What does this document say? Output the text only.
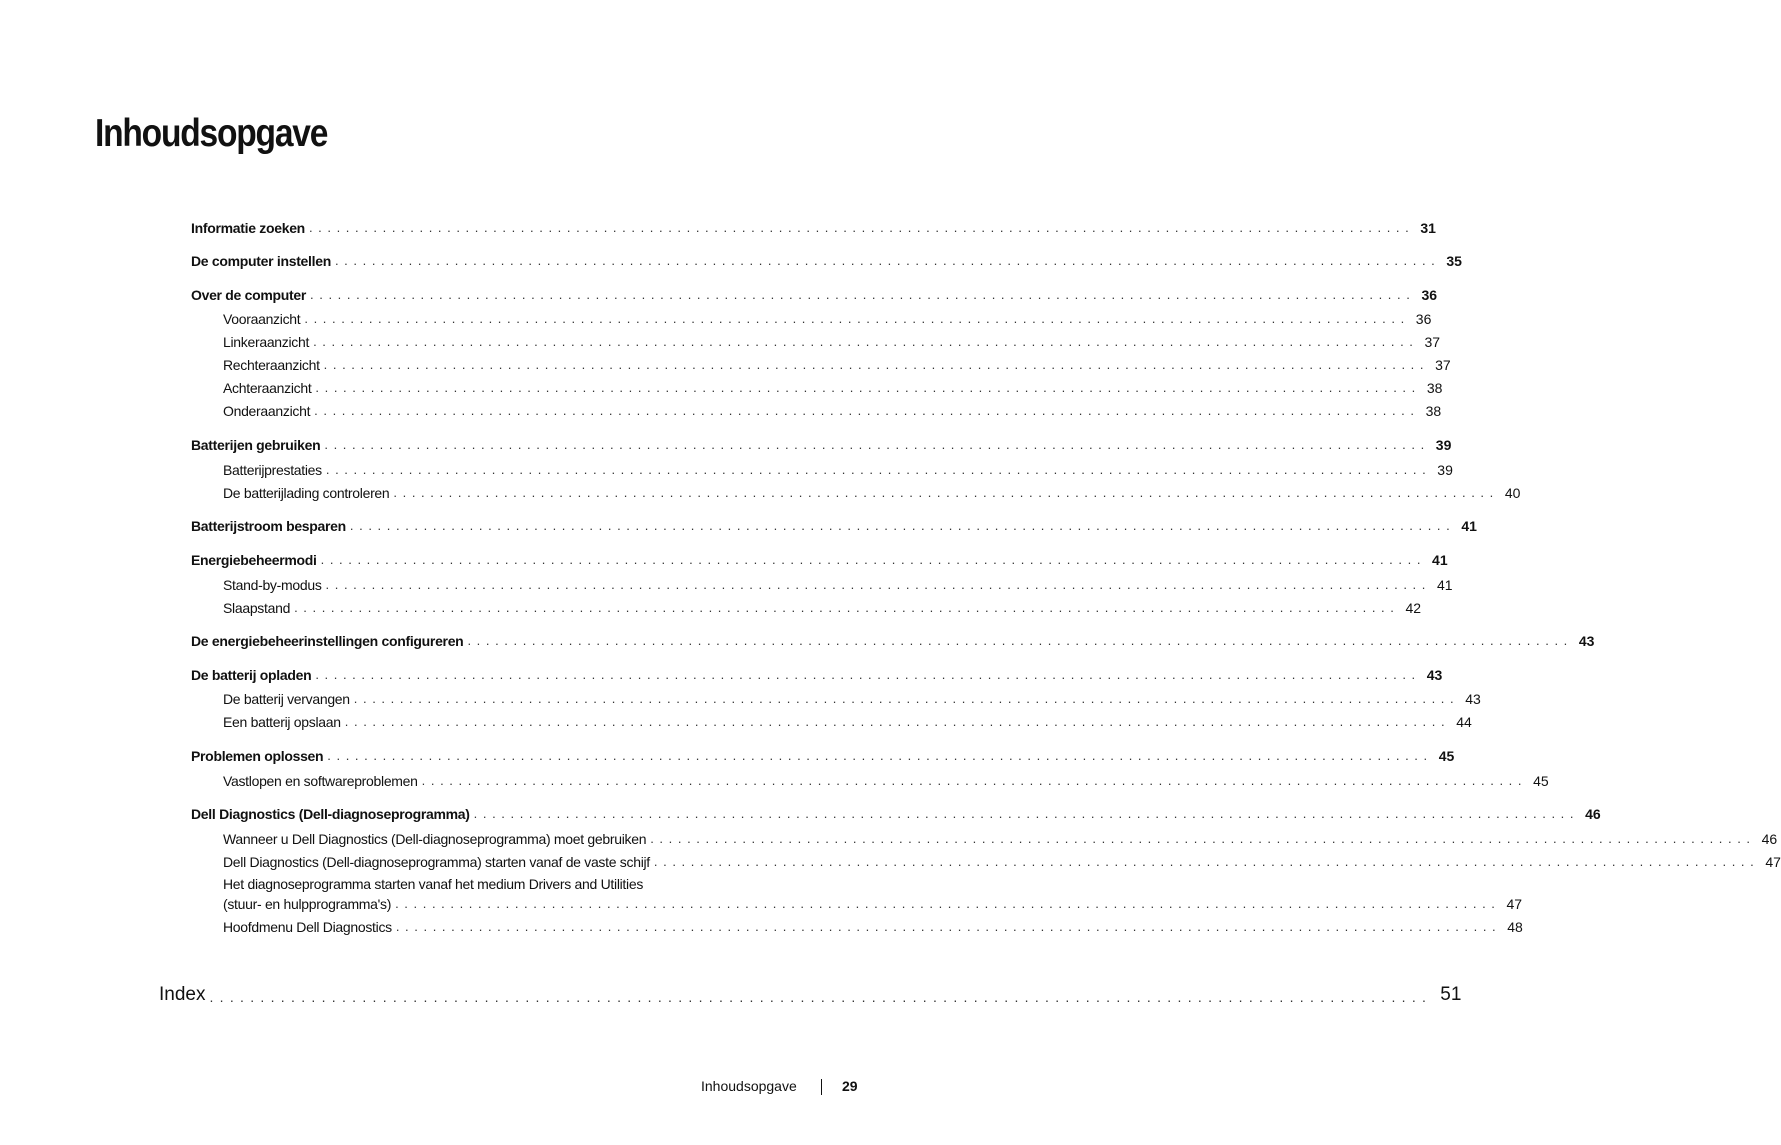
Inhoudsopgave
Informatie zoeken ........................................................................................................................ 31
De computer instellen ........................................................................................................................ 35
Over de computer ........................................................................................................................ 36
Vooraanzicht ........................................................................................................................ 36
Linkeraanzicht ........................................................................................................................ 37
Rechteraanzicht ........................................................................................................................ 37
Achteraanzicht ........................................................................................................................ 38
Onderaanzicht ........................................................................................................................ 38
Batterijen gebruiken ........................................................................................................................ 39
Batterijprestaties ........................................................................................................................ 39
De batterijlading controleren ........................................................................................................................ 40
Batterijstroom besparen ........................................................................................................................ 41
Energiebeheermodi ........................................................................................................................ 41
Stand-by-modus ........................................................................................................................ 41
Slaapstand ........................................................................................................................ 42
De energiebeheerinstellingen configureren ........................................................................................................................ 43
De batterij opladen ........................................................................................................................ 43
De batterij vervangen ........................................................................................................................ 43
Een batterij opslaan ........................................................................................................................ 44
Problemen oplossen ........................................................................................................................ 45
Vastlopen en softwareproblemen ........................................................................................................................ 45
Dell Diagnostics (Dell-diagnoseprogramma) ........................................................................................................................ 46
Wanneer u Dell Diagnostics (Dell-diagnoseprogramma) moet gebruiken ........................................................................................................................ 46
Dell Diagnostics (Dell-diagnoseprogramma) starten vanaf de vaste schijf ........................................................................................................................ 47
Het diagnoseprogramma starten vanaf het medium Drivers and Utilities
(stuur- en hulpprogramma's) ........................................................................................................................ 47
Hoofdmenu Dell Diagnostics ........................................................................................................................ 48
Index ........................................................................................................................ 51
Inhoudsopgave	29
